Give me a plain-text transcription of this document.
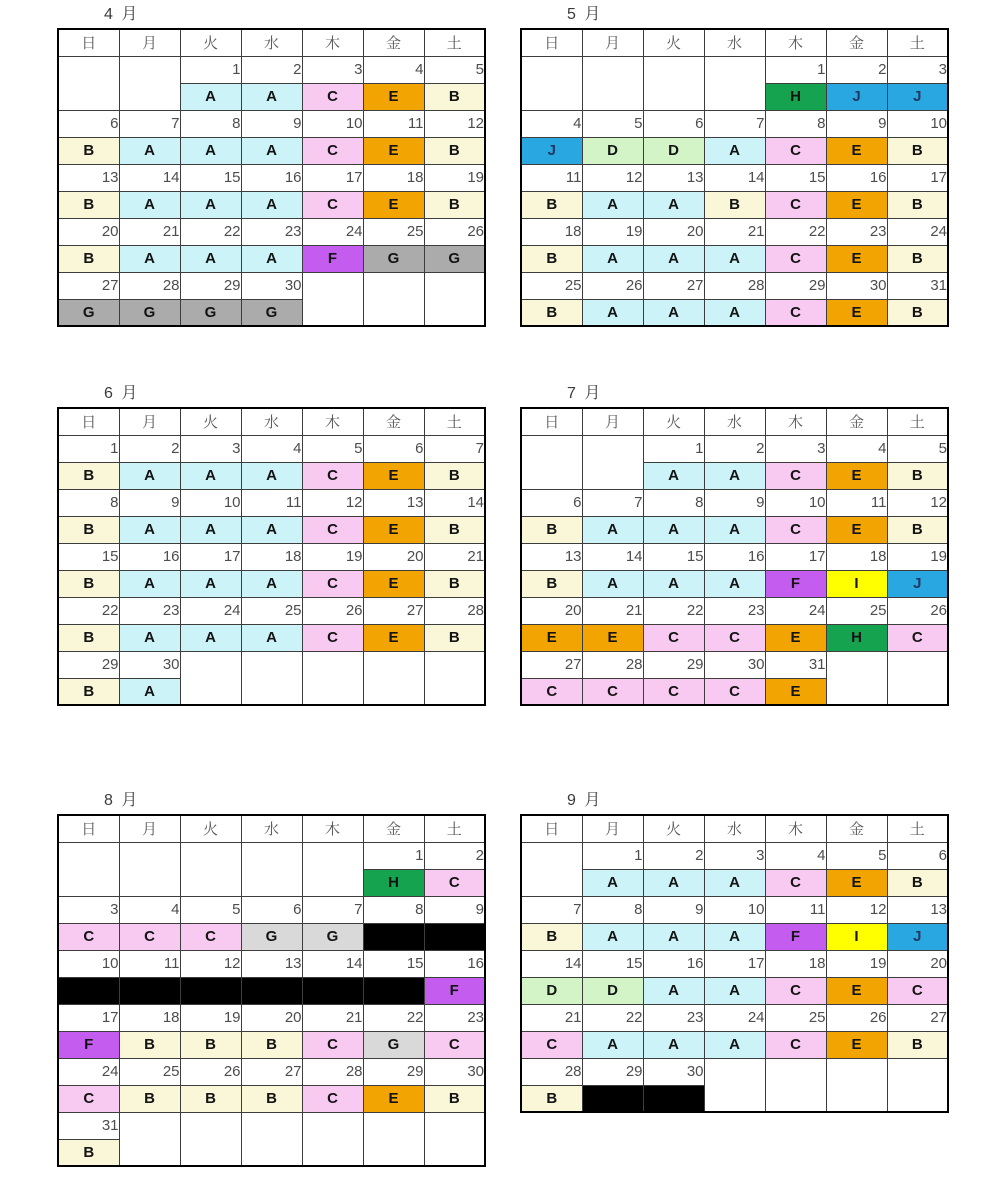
4 月
日	月	火	水	木	金	土
		1	2	3	4	5
		A	A	C	E	B
6	7	8	9	10	11	12
B	A	A	A	C	E	B
13	14	15	16	17	18	19
B	A	A	A	C	E	B
20	21	22	23	24	25	26
B	A	A	A	F	G	G
27	28	29	30			
G	G	G	G			
5 月
日	月	火	水	木	金	土
				1	2	3
				H	J	J
4	5	6	7	8	9	10
J	D	D	A	C	E	B
11	12	13	14	15	16	17
B	A	A	B	C	E	B
18	19	20	21	22	23	24
B	A	A	A	C	E	B
25	26	27	28	29	30	31
B	A	A	A	C	E	B
6 月
日	月	火	水	木	金	土
1	2	3	4	5	6	7
B	A	A	A	C	E	B
8	9	10	11	12	13	14
B	A	A	A	C	E	B
15	16	17	18	19	20	21
B	A	A	A	C	E	B
22	23	24	25	26	27	28
B	A	A	A	C	E	B
29	30					
B	A					
7 月
日	月	火	水	木	金	土
		1	2	3	4	5
		A	A	C	E	B
6	7	8	9	10	11	12
B	A	A	A	C	E	B
13	14	15	16	17	18	19
B	A	A	A	F	I	J
20	21	22	23	24	25	26
E	E	C	C	E	H	C
27	28	29	30	31		
C	C	C	C	E		
8 月
日	月	火	水	木	金	土
					1	2
					H	C
3	4	5	6	7	8	9
C	C	C	G	G		
10	11	12	13	14	15	16
						F
17	18	19	20	21	22	23
F	B	B	B	C	G	C
24	25	26	27	28	29	30
C	B	B	B	C	E	B
31						
B						
9 月
日	月	火	水	木	金	土
	1	2	3	4	5	6
	A	A	A	C	E	B
7	8	9	10	11	12	13
B	A	A	A	F	I	J
14	15	16	17	18	19	20
D	D	A	A	C	E	C
21	22	23	24	25	26	27
C	A	A	A	C	E	B
28	29	30				
B						
